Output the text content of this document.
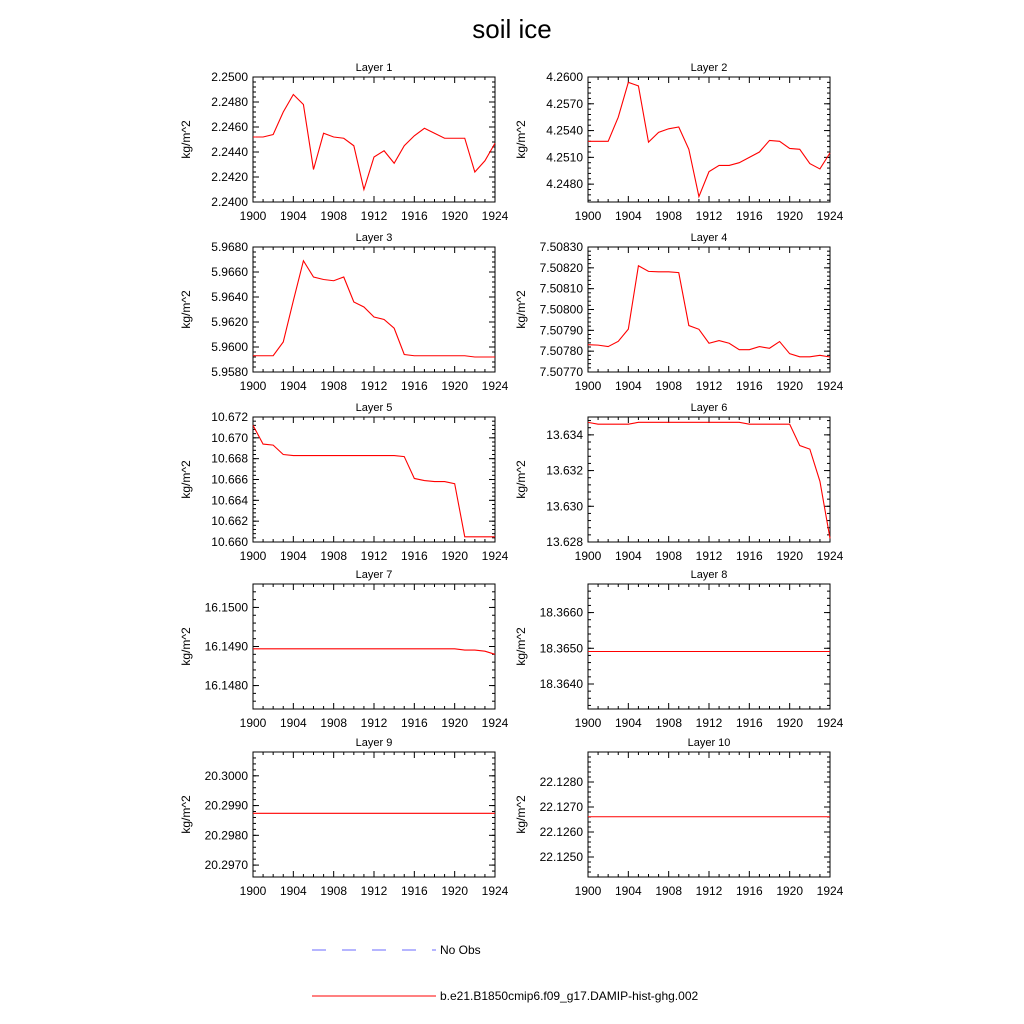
soil ice
1900 1904 1908 1912 1916 1920 1924
2.2400
2.2420
2.2440
2.2460
2.2480
2.2500
Layer 1
kg/m^2
1900 1904 1908 1912 1916 1920 1924
4.2480
4.2510
4.2540
4.2570
4.2600
Layer 2
kg/m^2
1900 1904 1908 1912 1916 1920 1924
5.9580
5.9600
5.9620
5.9640
5.9660
5.9680
Layer 3
kg/m^2
1900 1904 1908 1912 1916 1920 1924
7.50770
7.50780
7.50790
7.50800
7.50810
7.50820
7.50830
Layer 4
kg/m^2
1900 1904 1908 1912 1916 1920 1924
10.660
10.662
10.664
10.666
10.668
10.670
10.672
Layer 5
kg/m^2
1900 1904 1908 1912 1916 1920 1924
13.628
13.630
13.632
13.634
Layer 6
kg/m^2
1900 1904 1908 1912 1916 1920 1924
16.1480
16.1490
16.1500
Layer 7
kg/m^2
1900 1904 1908 1912 1916 1920 1924
18.3640
18.3650
18.3660
Layer 8
kg/m^2
1900 1904 1908 1912 1916 1920 1924
20.2970
20.2980
20.2990
20.3000
Layer 9
kg/m^2
1900 1904 1908 1912 1916 1920 1924
22.1250
22.1260
22.1270
22.1280
Layer 10
kg/m^2
No Obs
b.e21.B1850cmip6.f09_g17.DAMIP-hist-ghg.002
